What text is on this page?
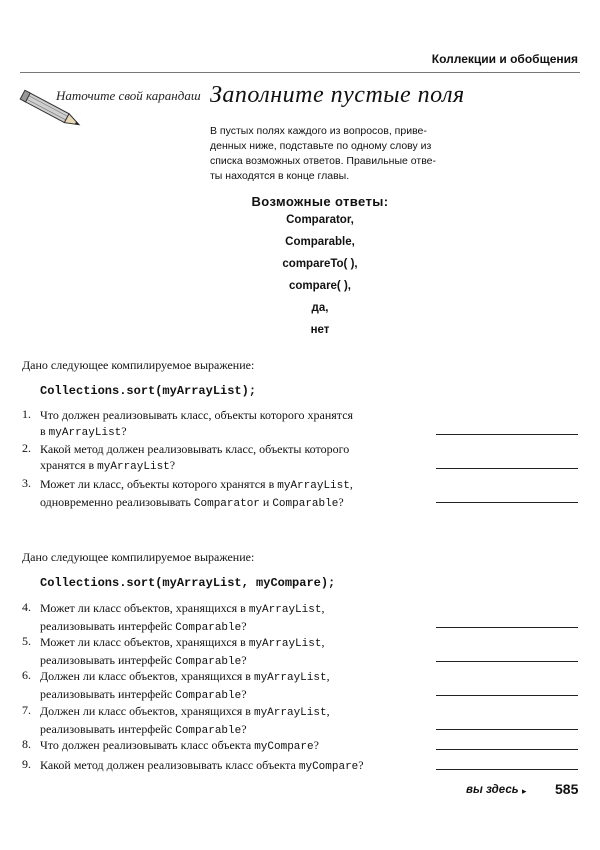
Коллекции и обобщения
Наточите свой карандаш Заполните пустые поля
В пустых полях каждого из вопросов, приве-
денных ниже, подставьте по одному слову из
списка возможных ответов. Правильные отве-
ты находятся в конце главы.
Возможные ответы:
Comparator,
Comparable,
compareTo( ),
compare( ),
да,
нет
Дано следующее компилируемое выражение:
Collections.sort(myArrayList);
1. Что должен реализовывать класс, объекты которого хранятся
в myArrayList?
2. Какой метод должен реализовывать класс, объекты которого
хранятся в myArrayList?
3. Может ли класс, объекты которого хранятся в myArrayList,
одновременно реализовывать Comparator и Comparable?
Дано следующее компилируемое выражение:
Collections.sort(myArrayList, myCompare);
4. Может ли класс объектов, хранящихся в myArrayList,
реализовывать интерфейс Comparable?
5. Может ли класс объектов, хранящихся в myArrayList,
реализовывать интерфейс Comparable?
6. Должен ли класс объектов, хранящихся в myArrayList,
реализовывать интерфейс Comparable?
7. Должен ли класс объектов, хранящихся в myArrayList,
реализовывать интерфейс Comparable?
8. Что должен реализовывать класс объекта myCompare?
9. Какой метод должен реализовывать класс объекта myCompare?
вы здесь ▸ 585
